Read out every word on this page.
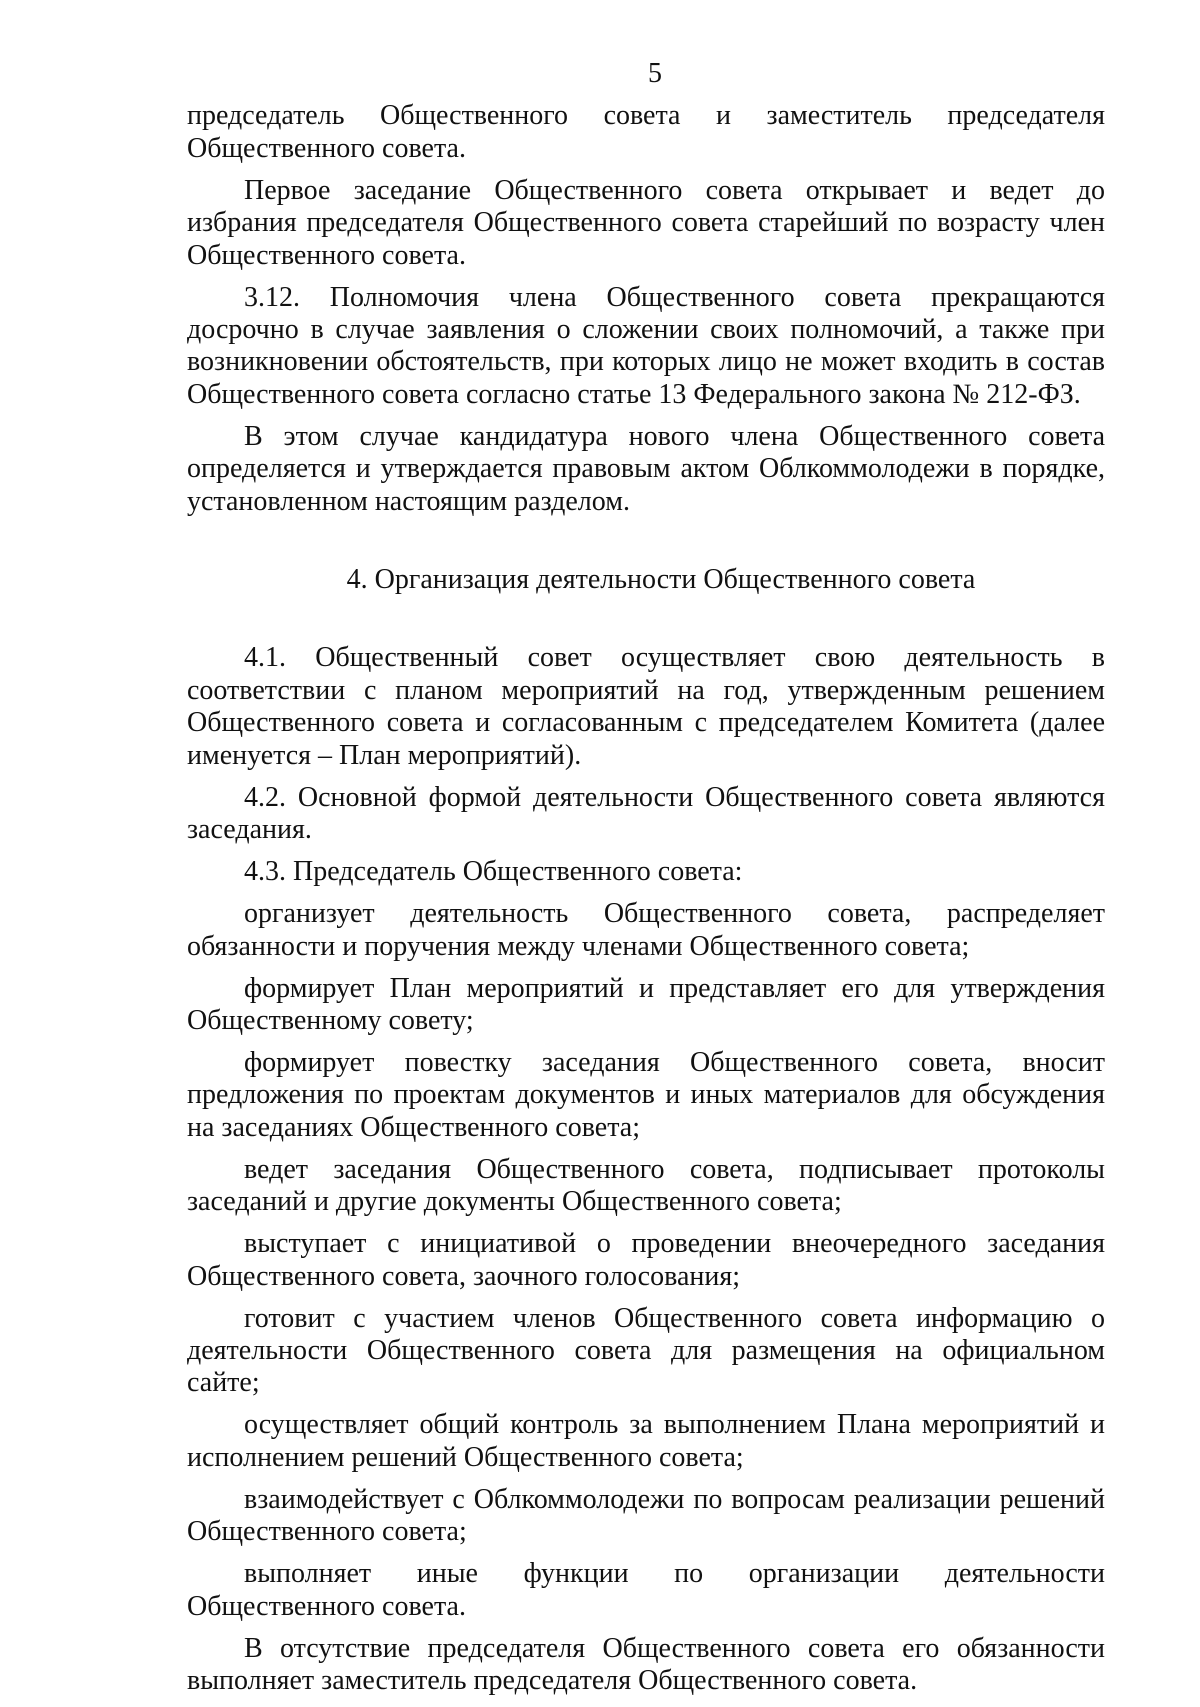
5

председатель Общественного совета и заместитель председателя Общественного совета.

Первое заседание Общественного совета открывает и ведет до избрания председателя Общественного совета старейший по возрасту член Общественного совета.

3.12. Полномочия члена Общественного совета прекращаются досрочно в случае заявления о сложении своих полномочий, а также при возникновении обстоятельств, при которых лицо не может входить в состав Общественного совета согласно статье 13 Федерального закона № 212-ФЗ.

В этом случае кандидатура нового члена Общественного совета определяется и утверждается правовым актом Облкоммолодежи в порядке, установленном настоящим разделом.

4. Организация деятельности Общественного совета

4.1. Общественный совет осуществляет свою деятельность в соответствии с планом мероприятий на год, утвержденным решением Общественного совета и согласованным с председателем Комитета (далее именуется – План мероприятий).

4.2. Основной формой деятельности Общественного совета являются заседания.

4.3. Председатель Общественного совета:

организует деятельность Общественного совета, распределяет обязанности и поручения между членами Общественного совета;

формирует План мероприятий и представляет его для утверждения Общественному совету;

формирует повестку заседания Общественного совета, вносит предложения по проектам документов и иных материалов для обсуждения на заседаниях Общественного совета;

ведет заседания Общественного совета, подписывает протоколы заседаний и другие документы Общественного совета;

выступает с инициативой о проведении внеочередного заседания Общественного совета, заочного голосования;

готовит с участием членов Общественного совета информацию о деятельности Общественного совета для размещения на официальном сайте;

осуществляет общий контроль за выполнением Плана мероприятий и исполнением решений Общественного совета;

взаимодействует с Облкоммолодежи по вопросам реализации решений Общественного совета;

выполняет иные функции по организации деятельности Общественного совета.

В отсутствие председателя Общественного совета его обязанности выполняет заместитель председателя Общественного совета.
